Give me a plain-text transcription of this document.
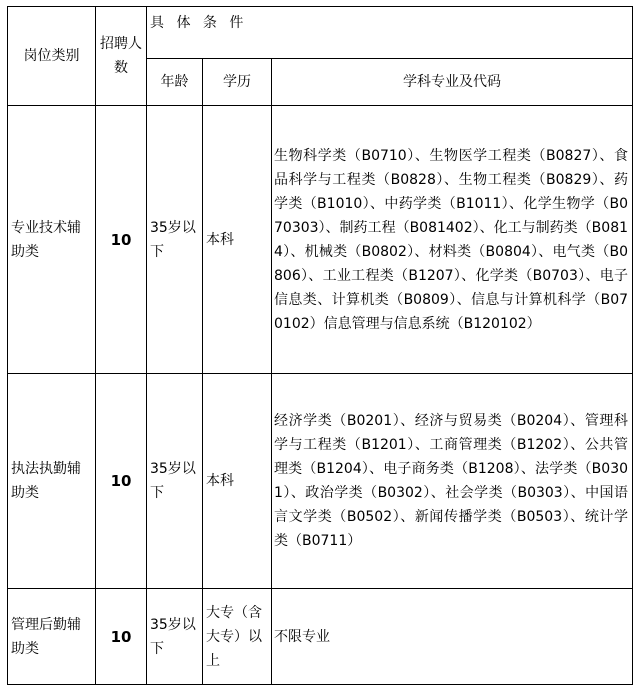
岗位类别	招聘人数	具 体 条 件		
		年龄	学历	学科专业及代码
专业技术辅助类	10	35岁以下	本科	生物科学类（B0710）、生物医学工程类（B0827）、食品科学与工程类（B0828）、生物工程类（B0829）、药学类（B1010）、中药学类（B1011）、化学生物学（B070303）、制药工程（B081402）、化工与制药类（B0814）、机械类（B0802）、材料类（B0804）、电气类（B0806）、工业工程类（B1207）、化学类（B0703）、电子信息类、计算机类（B0809）、信息与计算机科学（B070102）信息管理与信息系统（B120102）
执法执勤辅助类	10	35岁以下	本科	经济学类（B0201）、经济与贸易类（B0204）、管理科学与工程类（B1201）、工商管理类（B1202）、公共管理类（B1204）、电子商务类（B1208）、法学类（B0301）、政治学类（B0302）、社会学类（B0303）、中国语言文学类（B0502）、新闻传播学类（B0503）、统计学类（B0711）
管理后勤辅助类	10	35岁以下	大专（含大专）以上	不限专业
